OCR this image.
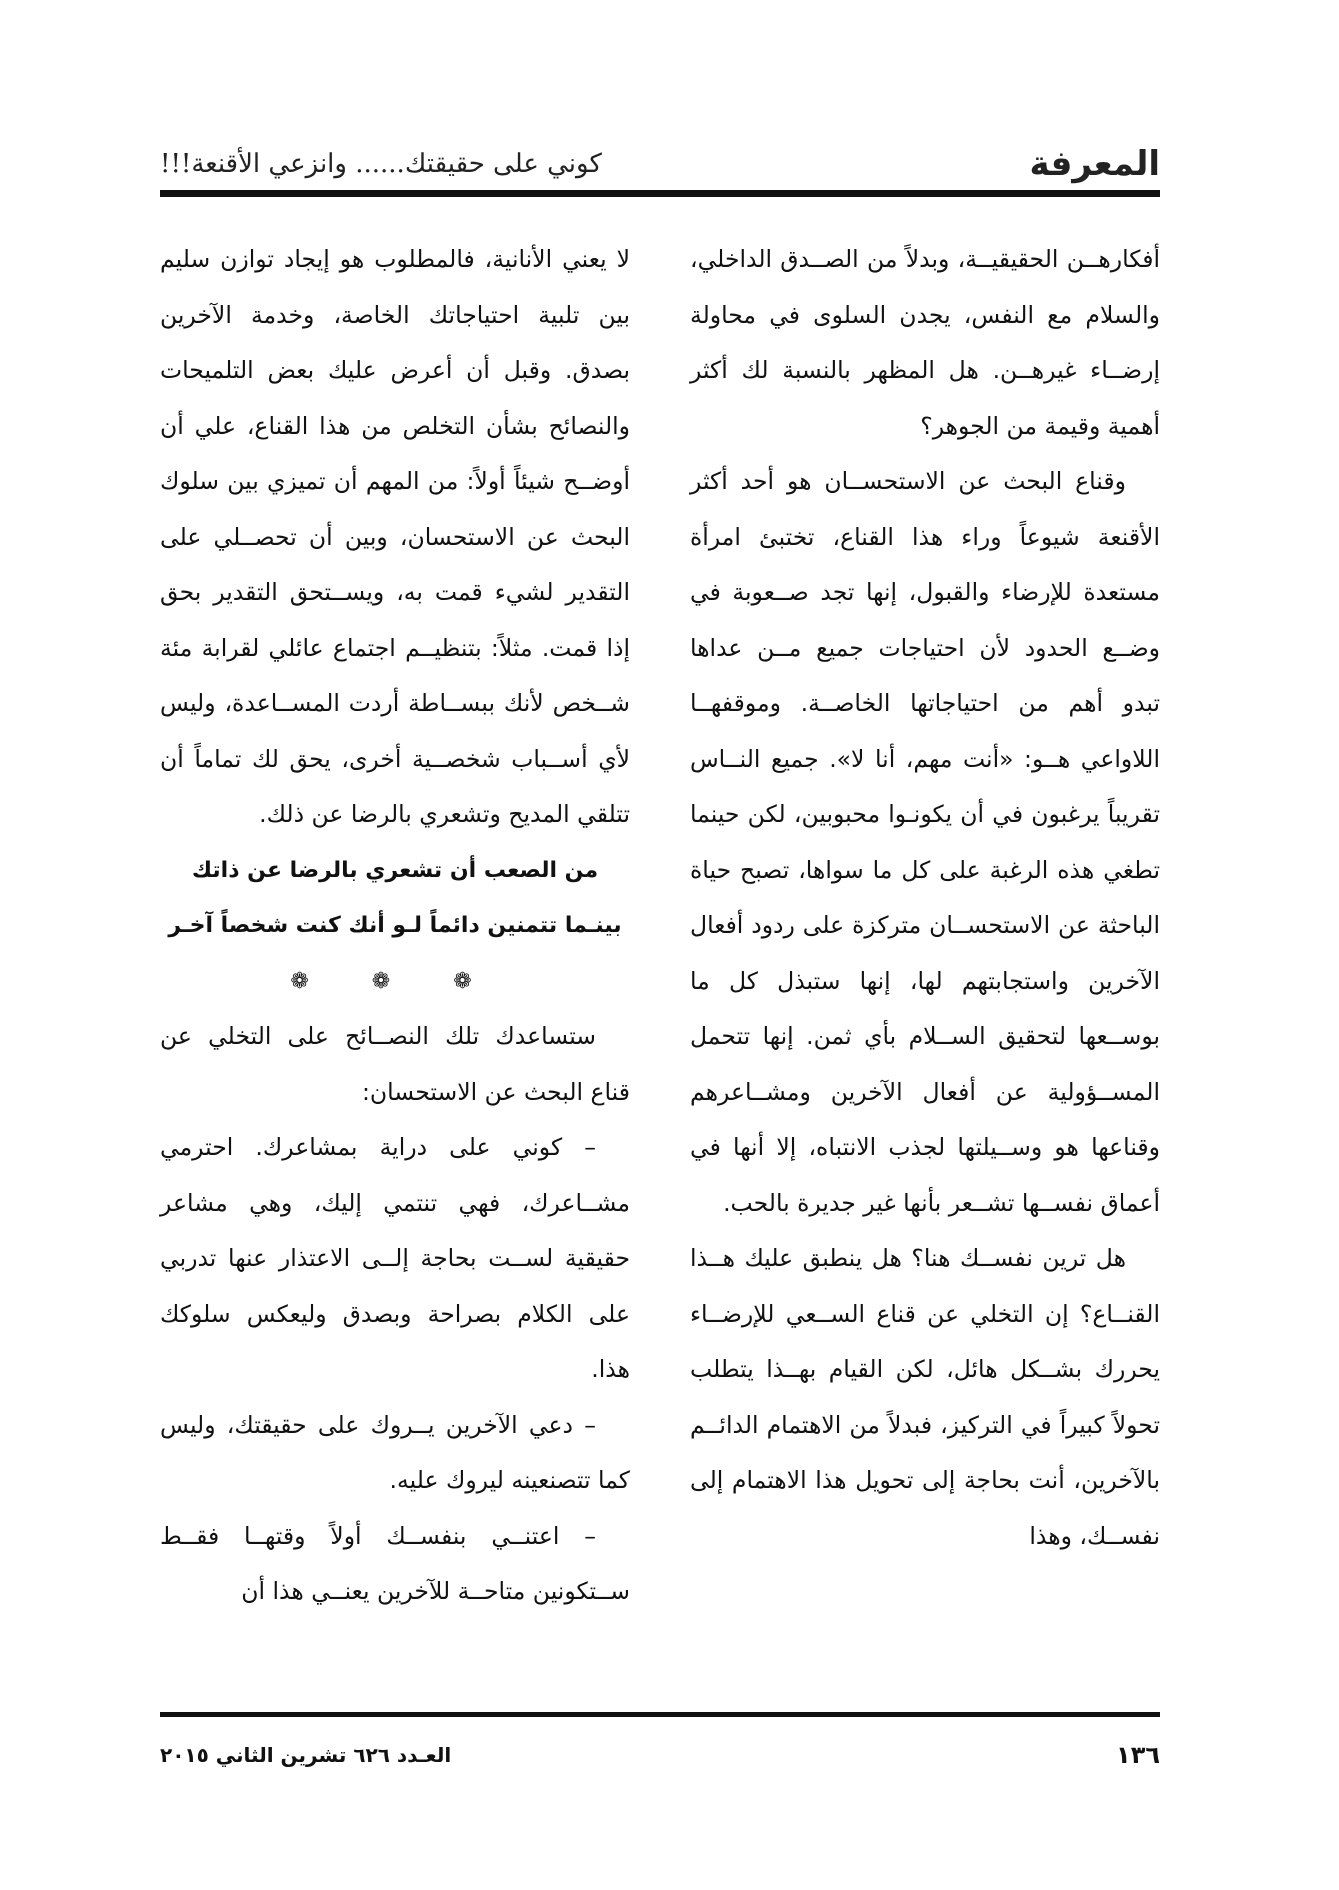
المعرفة
كوني على حقيقتك...... وانزعي الأقنعة!!!

أفكارهــن الحقيقيــة، وبدلاً من الصــدق الداخلي، والسلام مع النفس، يجدن السلوى في محاولة إرضــاء غيرهــن. هل المظهر بالنسبة لك أكثر أهمية وقيمة من الجوهر؟

وقناع البحث عن الاستحســان هو أحد أكثر الأقنعة شيوعاً وراء هذا القناع، تختبئ امرأة مستعدة للإرضاء والقبول، إنها تجد صــعوبة في وضــع الحدود لأن احتياجات جميع مــن عداها تبدو أهم من احتياجاتها الخاصــة. وموقفهــا اللاواعي هــو: «أنت مهم، أنا لا». جميع النــاس تقريباً يرغبون في أن يكونـوا محبوبين، لكن حينما تطغي هذه الرغبة على كل ما سواها، تصبح حياة الباحثة عن الاستحســان متركزة على ردود أفعال الآخرين واستجابتهم لها، إنها ستبذل كل ما بوســعها لتحقيق الســلام بأي ثمن. إنها تتحمل المســؤولية عن أفعال الآخرين ومشــاعرهم وقناعها هو وســيلتها لجذب الانتباه، إلا أنها في أعماق نفســها تشــعر بأنها غير جديرة بالحب.

هل ترين نفســك هنا؟ هل ينطبق عليك هــذا القنــاع؟ إن التخلي عن قناع الســعي للإرضــاء يحررك بشــكل هائل، لكن القيام بهــذا يتطلب تحولاً كبيراً في التركيز، فبدلاً من الاهتمام الدائــم بالآخرين، أنت بحاجة إلى تحويل هذا الاهتمام إلى نفســك، وهذا

لا يعني الأنانية، فالمطلوب هو إيجاد توازن سليم بين تلبية احتياجاتك الخاصة، وخدمة الآخرين بصدق. وقبل أن أعرض عليك بعض التلميحات والنصائح بشأن التخلص من هذا القناع، علي أن أوضــح شيئاً أولاً: من المهم أن تميزي بين سلوك البحث عن الاستحسان، وبين أن تحصــلي على التقدير لشيء قمت به، ويســتحق التقدير بحق إذا قمت. مثلاً: بتنظيــم اجتماع عائلي لقرابة مئة شــخص لأنك ببســاطة أردت المســاعدة، وليس لأي أســباب شخصــية أخرى، يحق لك تماماً أن تتلقي المديح وتشعري بالرضا عن ذلك.

من الصعب أن تشعري بالرضا عن ذاتك

بينـما تتمنين دائماً لـو أنك كنت شخصاً آخـر

❁ ❁ ❁

ستساعدك تلك النصــائح على التخلي عن قناع البحث عن الاستحسان:

– كوني على دراية بمشاعرك. احترمي مشــاعرك، فهي تنتمي إليك، وهي مشاعر حقيقية لســت بحاجة إلــى الاعتذار عنها تدربي على الكلام بصراحة وبصدق وليعكس سلوكك هذا.

– دعي الآخرين يــروك على حقيقتك، وليس كما تتصنعينه ليروك عليه.

– اعتنــي بنفســك أولاً وقتهــا فقــط ســتكونين متاحــة للآخرين يعنــي هذا أن

١٣٦
العـدد ٦٢٦ تشرين الثاني ٢٠١٥
